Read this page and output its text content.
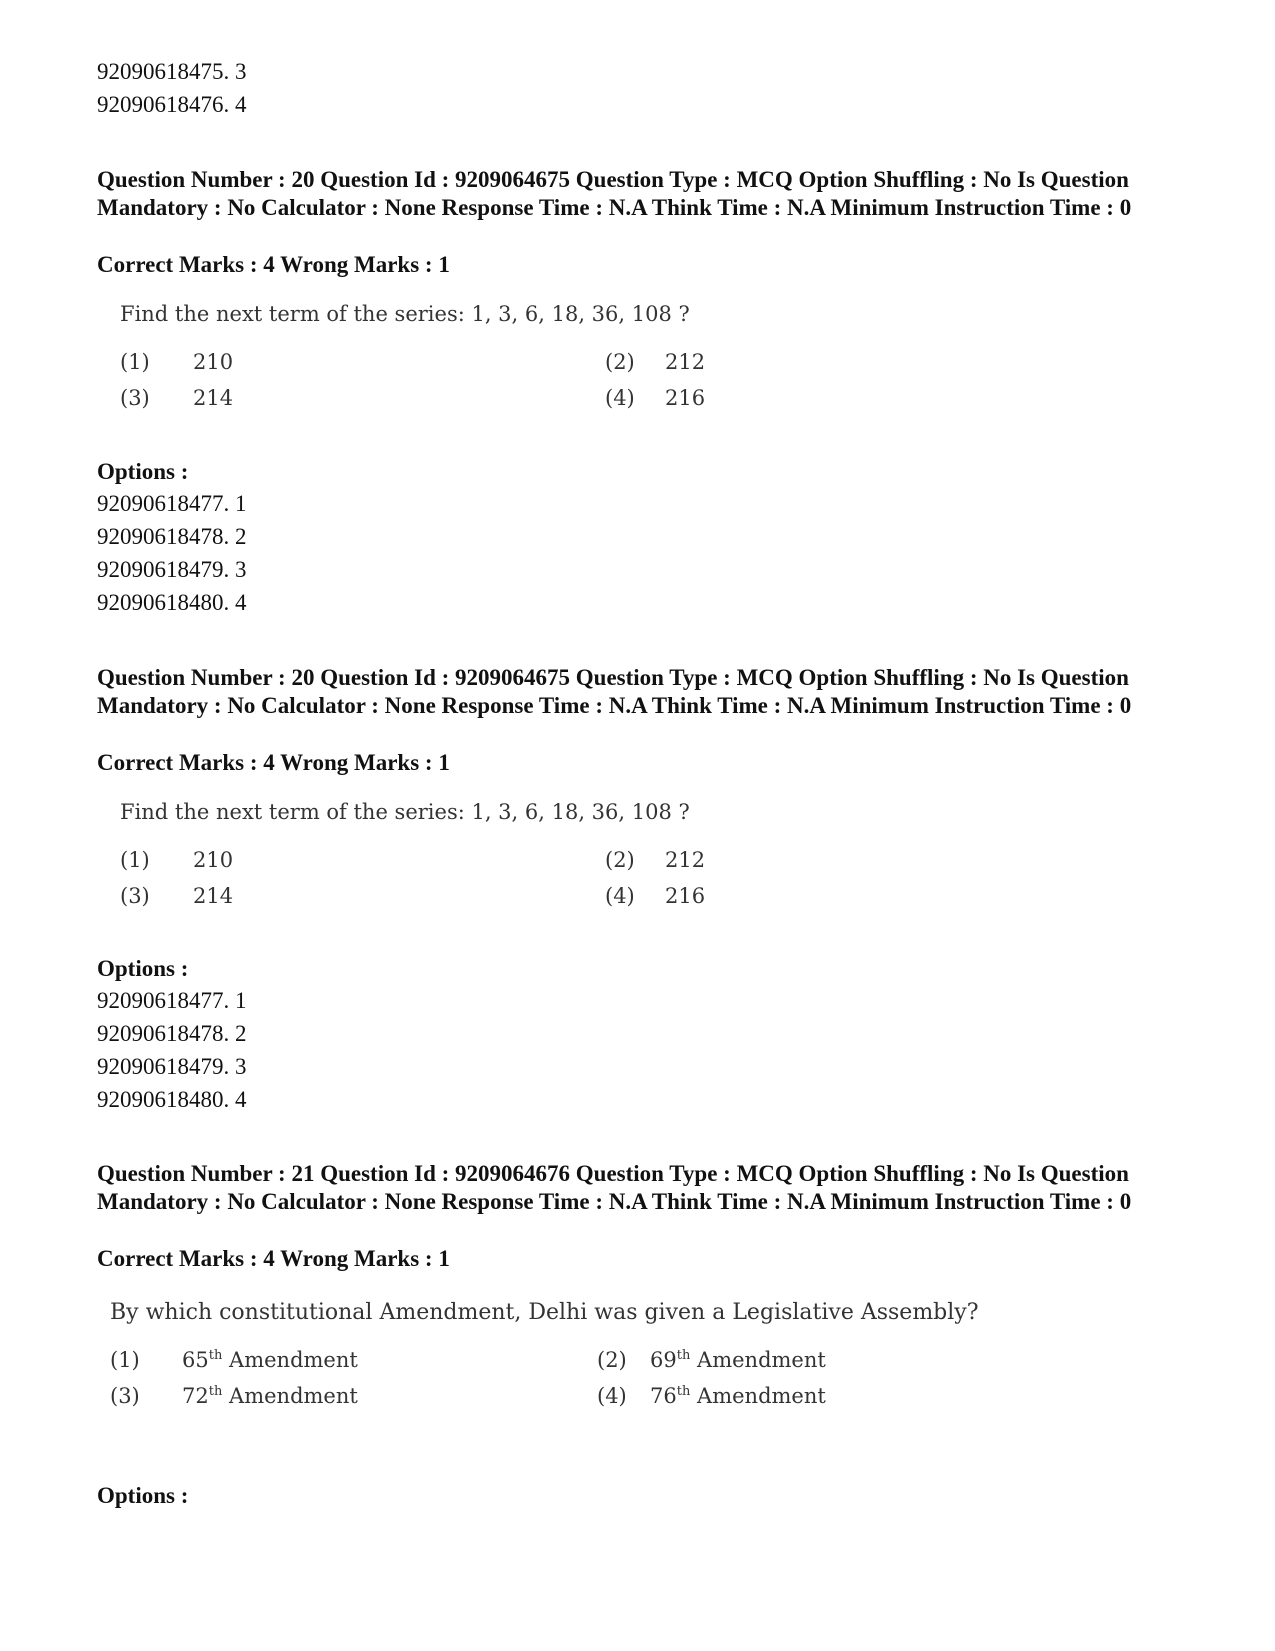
92090618475. 3
92090618476. 4
Question Number : 20 Question Id : 9209064675 Question Type : MCQ Option Shuffling : No Is Question Mandatory : No Calculator : None Response Time : N.A Think Time : N.A Minimum Instruction Time : 0
Correct Marks : 4 Wrong Marks : 1
Find the next term of the series: 1, 3, 6, 18, 36, 108 ?
(1) 210	(2) 212
(3) 214	(4) 216
Options :
92090618477. 1
92090618478. 2
92090618479. 3
92090618480. 4
Question Number : 20 Question Id : 9209064675 Question Type : MCQ Option Shuffling : No Is Question Mandatory : No Calculator : None Response Time : N.A Think Time : N.A Minimum Instruction Time : 0
Correct Marks : 4 Wrong Marks : 1
Find the next term of the series: 1, 3, 6, 18, 36, 108 ?
(1) 210	(2) 212
(3) 214	(4) 216
Options :
92090618477. 1
92090618478. 2
92090618479. 3
92090618480. 4
Question Number : 21 Question Id : 9209064676 Question Type : MCQ Option Shuffling : No Is Question Mandatory : No Calculator : None Response Time : N.A Think Time : N.A Minimum Instruction Time : 0
Correct Marks : 4 Wrong Marks : 1
By which constitutional Amendment, Delhi was given a Legislative Assembly?
(1) 65th Amendment	(2) 69th Amendment
(3) 72th Amendment	(4) 76th Amendment
Options :
